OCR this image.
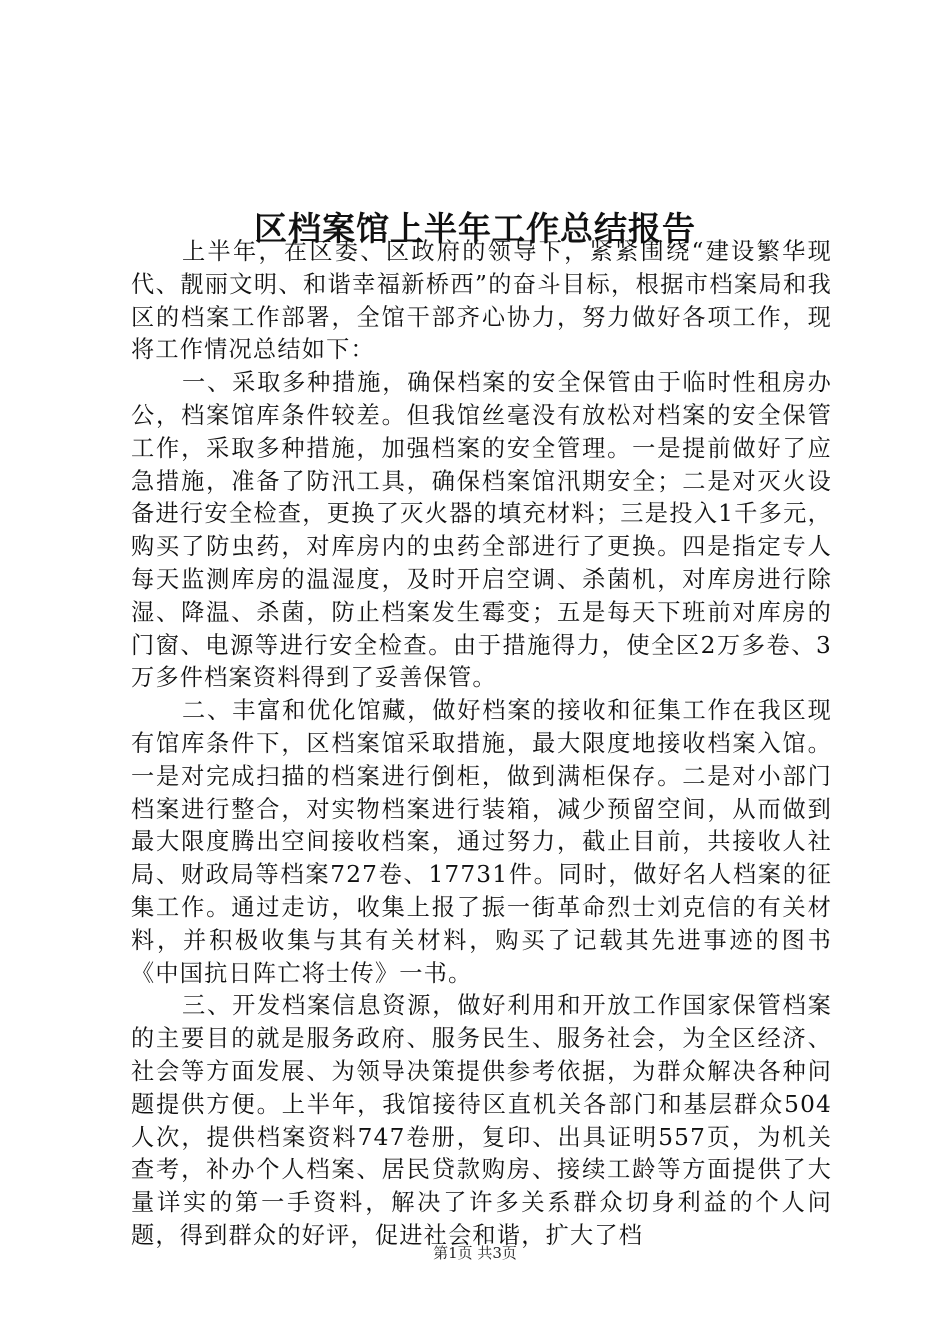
区档案馆上半年工作总结报告

上半年，在区委、区政府的领导下，紧紧围绕“建设繁华现代、靓丽文明、和谐幸福新桥西”的奋斗目标，根据市档案局和我区的档案工作部署，全馆干部齐心协力，努力做好各项工作，现将工作情况总结如下：

一、采取多种措施，确保档案的安全保管由于临时性租房办公，档案馆库条件较差。但我馆丝毫没有放松对档案的安全保管工作，采取多种措施，加强档案的安全管理。一是提前做好了应急措施，准备了防汛工具，确保档案馆汛期安全；二是对灭火设备进行安全检查，更换了灭火器的填充材料；三是投入1千多元，购买了防虫药，对库房内的虫药全部进行了更换。四是指定专人每天监测库房的温湿度，及时开启空调、杀菌机，对库房进行除湿、降温、杀菌，防止档案发生霉变；五是每天下班前对库房的门窗、电源等进行安全检查。由于措施得力，使全区2万多卷、3万多件档案资料得到了妥善保管。

二、丰富和优化馆藏，做好档案的接收和征集工作在我区现有馆库条件下，区档案馆采取措施，最大限度地接收档案入馆。一是对完成扫描的档案进行倒柜，做到满柜保存。二是对小部门档案进行整合，对实物档案进行装箱，减少预留空间，从而做到最大限度腾出空间接收档案，通过努力，截止目前，共接收人社局、财政局等档案727卷、17731件。同时，做好名人档案的征集工作。通过走访，收集上报了振一街革命烈士刘克信的有关材料，并积极收集与其有关材料，购买了记载其先进事迹的图书《中国抗日阵亡将士传》一书。

三、开发档案信息资源，做好利用和开放工作国家保管档案的主要目的就是服务政府、服务民生、服务社会，为全区经济、社会等方面发展、为领导决策提供参考依据，为群众解决各种问题提供方便。上半年，我馆接待区直机关各部门和基层群众504人次，提供档案资料747卷册，复印、出具证明557页，为机关查考，补办个人档案、居民贷款购房、接续工龄等方面提供了大量详实的第一手资料，解决了许多关系群众切身利益的个人问题，得到群众的好评，促进社会和谐，扩大了档

第1页 共3页
